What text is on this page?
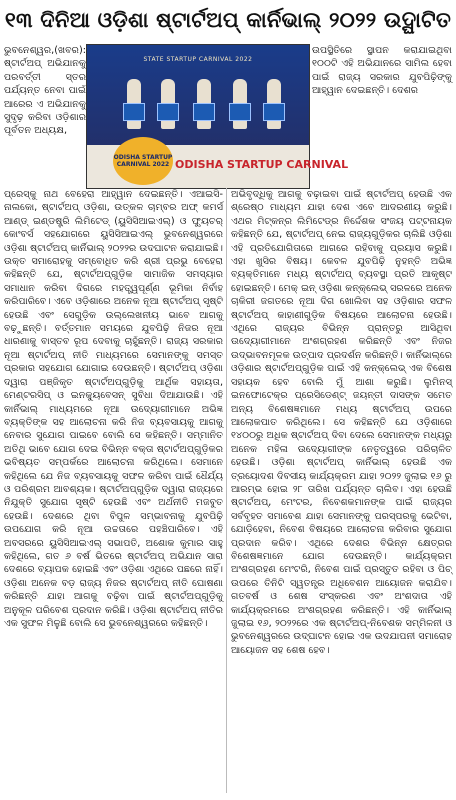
୧୩ ଦିନିଆ ଓଡ଼ିଶା ଷ୍ଟାର୍ଟଅପ୍ କାର୍ନିଭାଲ୍ ୨୦୨୨ ଉଦ୍ଘାଟିତ
ଭୁବନେଶ୍ୱର,(ଖବର): ଷ୍ଟାର୍ଟଅପ୍ ଅଭିଯାନକୁ ପରବର୍ତ୍ତୀ ସ୍ତର ପର୍ଯ୍ୟନ୍ତ ନେବା ପାଇଁ ଆରେର ଏ ଅଭିଯାନକୁ ସୁଦୃଢ଼ କରିବା ଓଡ଼ିଶାର ପୂର୍ବତନ ଅଧ୍ୟକ୍ଷ,
STATE STARTUP CARNIVAL 2022
ODISHA STARTUP CARNIVAL 2022 ODISHA STARTUP CARNIVAL
ଉପସ୍ଥିତିରେ ସ୍ଥାପନ କରାଯାଇଥିବା ୧୦୦ଟି ଏହି ଅଭିଯାନରେ ସାମିଲ ହେବା ପାଇଁ ରାଜ୍ୟ ସରକାର ଯୁବପିଢ଼ିଙ୍କୁ ଆହ୍ୱାନ ଦେଇଛନ୍ତି। ଦେଶର
ପ୍ରେସ୍କୁ ନାଥ ବେହେରା ଆହ୍ୱାନ ଦେଇଛନ୍ତି। ଏଆଇସି-ନାଲକୋ, ଷ୍ଟାର୍ଟଅପ୍ ଓଡ଼ିଶା, ଉତ୍କଳ ଚାମ୍ବର ଅଫ୍ କମର୍ସ ଆଣ୍ଡ୍ ଇଣ୍ଡଷ୍ଟ୍ରି ଲିମିଟେଡ୍ (ୟୁସିସିଆଇଏଲ୍) ଓ ଫ୍ୟୁଚର୍ କୋଂବର୍ସ ସହଯୋଗରେ ୟୁସିସିଆଇଏଲ୍ ଭୁବନେଶ୍ୱରରେ ଓଡ଼ିଶା ଷ୍ଟାର୍ଟଅପ୍ କାର୍ନିଭାଲ୍ ୨୦୨୨ର ଉଦଘାଟନ କରାଯାଇଛି। ଉକ୍ତ ସମାରୋହକୁ ସମ୍ବୋଧିତ କରି ଶ୍ରୀ ପ୍ରଭୁ ବେହେରା କହିଛନ୍ତି ଯେ, ଷ୍ଟାର୍ଟଅପ୍‌ଗୁଡ଼ିକ ସାମାଜିକ ସମସ୍ୟାର ସମାଧାନ କରିବା ଦିଗରେ ମହତ୍ତ୍ୱପୂର୍ଣ୍ଣ ଭୂମିକା ନିର୍ବାହ କରିପାରିବେ। ଏବେ ଓଡ଼ିଶାରେ ଅନେକ ନୂଆ ଷ୍ଟାର୍ଟଅପ୍ ସୃଷ୍ଟି ହେଉଛି ଏବଂ ସେଗୁଡ଼ିକ ଉଲ୍ଲେଖନୀୟ ଭାବେ ଆଗକୁ ବଢ଼ୁଛନ୍ତି। ବର୍ତ୍ତମାନ ସମୟରେ ଯୁବପିଢ଼ି ନିଜର ନୂଆ ଧାରଣାକୁ ବାସ୍ତବ ରୂପ ଦେବାକୁ ଚାହୁଁଛନ୍ତି। ରାଜ୍ୟ ସରକାର ନୂଆ ଷ୍ଟାର୍ଟଅପ୍ ନୀତି ମାଧ୍ୟମରେ ସେମାନଙ୍କୁ ସମସ୍ତ ପ୍ରକାର ସହଯୋଗ ଯୋଗାଇ ଦେଉଛନ୍ତି। ଷ୍ଟାର୍ଟଅପ୍ ଓଡ଼ିଶା ଦ୍ୱାରା ପଞ୍ଜିକୃତ ଷ୍ଟାର୍ଟଅପ୍‌ଗୁଡ଼ିକୁ ଆର୍ଥିକ ସହାୟତା, ମେଣ୍ଟରସିପ୍ ଓ ଇନକ୍ୟୁବେସନ୍ ସୁବିଧା ଦିଆଯାଉଛି। ଏହି କାର୍ନିଭାଲ୍ ମାଧ୍ୟମରେ ନୂଆ ଉଦ୍ୟୋଗୀମାନେ ଅଭିଜ୍ଞ ବ୍ୟକ୍ତିଙ୍କ ସହ ଆଲୋଚନା କରି ନିଜ ବ୍ୟବସାୟକୁ ଆଗକୁ ନେବାର ସୁଯୋଗ ପାଇବେ ବୋଲି ସେ କହିଛନ୍ତି। ସମ୍ମାନିତ ଅତିଥି ଭାବେ ଯୋଗ ଦେଇ ବିଭିନ୍ନ ବକ୍ତା ଷ୍ଟାର୍ଟଅପ୍‌ଗୁଡ଼ିକର ଭବିଷ୍ୟତ ସମ୍ପର୍କରେ ଆଲୋଚନା କରିଥିଲେ। ସେମାନେ କହିଥିଲେ ଯେ ନିଜ ବ୍ୟବସାୟକୁ ସଫଳ କରିବା ପାଇଁ ଧୈର୍ଯ୍ୟ ଓ ପରିଶ୍ରମ ଆବଶ୍ୟକ। ଷ୍ଟାର୍ଟଅପ୍‌ଗୁଡ଼ିକ ଦ୍ୱାରା ରାଜ୍ୟରେ ନିଯୁକ୍ତି ସୁଯୋଗ ସୃଷ୍ଟି ହେଉଛି ଏବଂ ଅର୍ଥନୀତି ମଜବୁତ ହେଉଛି। ଦେଶରେ ଥିବା ବିପୁଳ ସମ୍ଭାବନାକୁ ଯୁବପିଢ଼ି ଉପଯୋଗ କରି ନୂଆ ଉଚ୍ଚତାରେ ପହଞ୍ଚିପାରିବେ। ଏହି ଅବସରରେ ୟୁସିସିଆଇଏଲ୍ ସଭାପତି, ଅଶୋକ କୁମାର ସାହୁ କହିଥିଲେ, ଗତ ୬ ବର୍ଷ ଭିତରେ ଷ୍ଟାର୍ଟଅପ୍ ଅଭିଯାନ ସାରା ଦେଶରେ ବ୍ୟାପକ ହୋଇଛି ଏବଂ ଓଡ଼ିଶା ଏଥିରେ ପଛରେ ନାହିଁ। ଓଡ଼ିଶା ଅନେକ ବଡ଼ ରାଜ୍ୟ ନିଜର ଷ୍ଟାର୍ଟଅପ୍ ନୀତି ଘୋଷଣା କରିଛନ୍ତି ଯାହା ଆଗକୁ ବଢ଼ିବା ପାଇଁ ଷ୍ଟାର୍ଟଅପ୍‌ଗୁଡ଼ିକୁ ଅନୁକୂଳ ପରିବେଶ ପ୍ରଦାନ କରିଛି। ଓଡ଼ିଶା ଷ୍ଟାର୍ଟଅପ୍ ନୀତିର ଏକ ସୁଫଳ ମିଳୁଛି ବୋଲି ସେ ଭୁବନେଶ୍ୱରରେ କହିଛନ୍ତି।
ଅଭିବୃଦ୍ଧିକୁ ଆଗକୁ ବଢ଼ାଇବା ପାଇଁ ଷ୍ଟାର୍ଟଅପ୍ ହେଉଛି ଏକ ଶ୍ରେଷ୍ଠ ମାଧ୍ୟମ ଯାହା ଦେଶ ଏବେ ଆଦରଣୀୟ କରୁଛି। ଏଥର ମିଟ୍‌କନ୍‌ର ଲିମିଟେଡ୍‌ର ନିର୍ଦ୍ଦେଶକ ସଂଜୟ ପଟ୍ଟନାୟକ କହିଛନ୍ତି ଯେ, ଷ୍ଟାର୍ଟଅପ୍ ନେଇ ରାଜ୍ୟଗୁଡ଼ିକର ଚାଲିଛି ଓଡ଼ିଶା ଏହି ପ୍ରତିଯୋଗିତାରେ ଆଗରେ ରହିବାକୁ ପ୍ରୟାସ କରୁଛି। ଏହା ଖୁସିର ବିଷୟ। କେବଳ ଯୁବପିଢ଼ି ନୁହନ୍ତି ଅଭିଜ୍ଞ ବ୍ୟକ୍ତିମାନେ ମଧ୍ୟ ଷ୍ଟାର୍ଟଅପ୍ ବ୍ୟବସ୍ଥା ପ୍ରତି ଆକୃଷ୍ଟ ହୋଇଛନ୍ତି। ମେକ୍ ଇନ୍ ଓଡ଼ିଶା କନ୍‌କ୍ଲେଭ୍ ସରଳରେ ଅନେକ ଚାକିରୀ ଜଗତରେ ନୂଆ ଦିଗ ଖୋଲିବା ସହ ଓଡ଼ିଶାର ସଫଳ ଷ୍ଟାର୍ଟଅପ୍ କାହାଣୀଗୁଡ଼ିକ ବିଷୟରେ ଆଲୋଚନା ହେଉଛି। ଏଥିରେ ରାଜ୍ୟର ବିଭିନ୍ନ ପ୍ରାନ୍ତରୁ ଆସିଥିବା ଉଦ୍ୟୋଗୀମାନେ ଅଂଶଗ୍ରହଣ କରିଛନ୍ତି ଏବଂ ନିଜର ଉଦ୍ଭାବନମୂଳକ ଉତ୍ପାଦ ପ୍ରଦର୍ଶନ କରିଛନ୍ତି। କାର୍ନିଭାଲ୍‌ରେ ଓଡ଼ିଶାର ଷ୍ଟାର୍ଟଅପ୍‌ଗୁଡ଼ିକ ପାଇଁ ଏହି କନ୍‌କ୍ଲେଭ୍ ଏକ ବିଶେଷ ସହାୟକ ହେବ ବୋଲି ମୁଁ ଆଶା କରୁଛି। ଲୁମିନସ୍ ଇନଫୋଟେକ୍‌ର ପ୍ରେସିଡେଣ୍ଟ୍ ଜୟନ୍ତୀ ଦାସଙ୍କ ସମେତ ଅନ୍ୟ ବିଶେଷଜ୍ଞମାନେ ମଧ୍ୟ ଷ୍ଟାର୍ଟଅପ୍ ଉପରେ ଆଲୋକପାତ କରିଥିଲେ। ସେ କହିଛନ୍ତି ଯେ ଓଡ଼ିଶାରେ ୧୪୦୦ରୁ ଅଧିକ ଷ୍ଟାର୍ଟଅପ୍ ଦିବା ଦେଲେ ସେମାନଙ୍କ ମଧ୍ୟରୁ ଅନେକ ମହିଳା ଉଦ୍ୟୋଗୀଙ୍କ ନେତୃତ୍ୱରେ ପରିଚାଳିତ ହେଉଛି। ଓଡ଼ିଶା ଷ୍ଟାର୍ଟଅପ୍ କାର୍ନିଭାଲ୍ ହେଉଛି ଏକ ତ୍ରୟୋଦଶ ଦିବସୀୟ କାର୍ଯ୍ୟକ୍ରମ ଯାହା ୨୦୨୨ ଜୁଲାଇ ୧୬ ରୁ ଆରମ୍ଭ ହୋଇ ୨୮ ତାରିଖ ପର୍ଯ୍ୟନ୍ତ ଚାଲିବ। ଏହା ହେଉଛି ଷ୍ଟାର୍ଟଅପ୍, ମେଂଟର, ନିବେଶକମାନଙ୍କ ପାଇଁ ରାଜ୍ୟର ସର୍ବବୃହତ ସମାବେଶ ଯାହା ସେମାନଙ୍କୁ ପରସ୍ପରକୁ ଭେଟିବା, ଯୋଡ଼ିହେବା, ନିବେଶ ବିଷୟରେ ଆଲୋଚନା କରିବାର ସୁଯୋଗ ପ୍ରଦାନ କରିବ। ଏଥିରେ ଦେଶର ବିଭିନ୍ନ କ୍ଷେତ୍ରର ବିଶେଷଜ୍ଞମାନେ ଯୋଗ ଦେଉଛନ୍ତି। କାର୍ଯ୍ୟକ୍ରମ ଅଂଶଗ୍ରହଣ ମେଂଟରି, ନିବେଶ ପାଇଁ ପ୍ରସ୍ତୁତ ରହିବା ଓ ପିଚ୍ ଉପରେ ତିନିଟି ସ୍ୱତନ୍ତ୍ର ଅଧିବେଶନ ଆୟୋଜନ କରାଯିବ। ଗତବର୍ଷ ଓ ଶେଷ ସଂସ୍କରଣ ଏବଂ ଅଂଶଦାତା ଏହି କାର୍ଯ୍ୟକ୍ରମରେ ଅଂଶଗ୍ରହଣ କରିଛନ୍ତି। ଏହି କାର୍ନିଭାଲ୍ ଜୁଲାଇ ୧୬, ୨୦୨୨ରେ ଏକ ଷ୍ଟାର୍ଟଅପ୍-ନିବେଶକ ସମ୍ମିଳନୀ ଓ ଭୁବନେଶ୍ୱରରେ ଉଦ୍‌ଘାଟନ ହୋଇ ଏକ ଉଦଯାପନୀ ସମାରୋହ ଆୟୋଜନ ସହ ଶେଷ ହେବ।
